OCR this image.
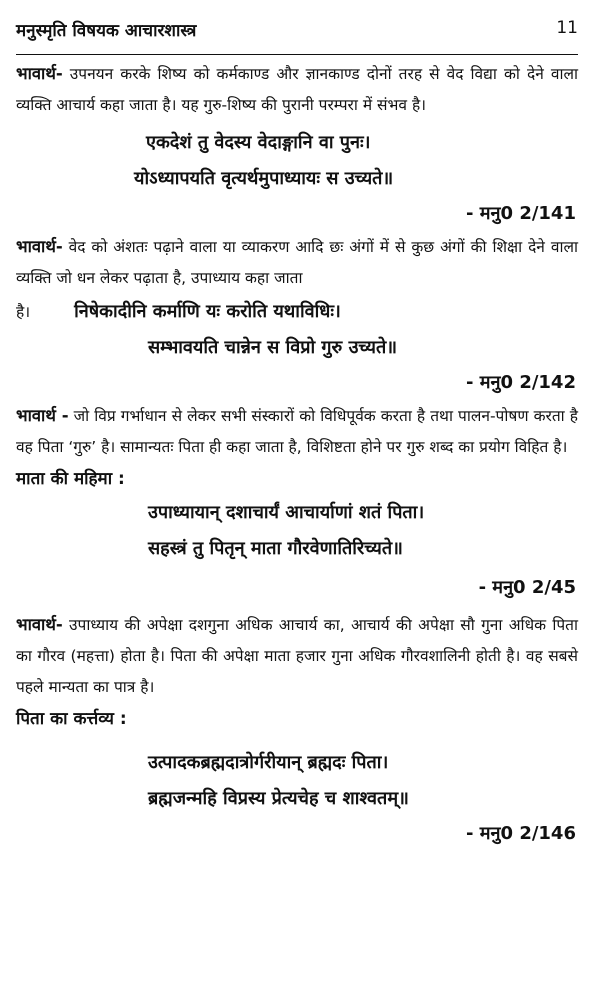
मनुस्मृति विषयक आचारशास्त्र	11

भावार्थ- उपनयन करके शिष्य को कर्मकाण्ड और ज्ञानकाण्ड दोनों तरह से वेद विद्या को देने वाला व्यक्ति आचार्य कहा जाता है। यह गुरु-शिष्य की पुरानी परम्परा में संभव है।

एकदेशं तु वेदस्य वेदाङ्गानि वा पुनः।

योऽध्यापयति वृत्यर्थमुपाध्यायः स उच्यते॥

- मनु0 2/141

भावार्थ- वेद को अंशतः पढ़ाने वाला या व्याकरण आदि छः अंगों में से कुछ अंगों की शिक्षा देने वाला व्यक्ति जो धन लेकर पढ़ाता है, उपाध्याय कहा जाता

है। निषेकादीनि कर्माणि यः करोति यथाविधिः।

सम्भावयति चान्नेन स विप्रो गुरु उच्यते॥

- मनु0 2/142

भावार्थ - जो विप्र गर्भाधान से लेकर सभी संस्कारों को विधिपूर्वक करता है तथा पालन-पोषण करता है वह पिता ‘गुरु’ है। सामान्यतः पिता ही कहा जाता है, विशिष्टता होने पर गुरु शब्द का प्रयोग विहित है।

माता की महिमा :

उपाध्यायान् दशाचार्यं आचार्याणां शतं पिता।

सहस्त्रं तु पितृन् माता गौरवेणातिरिच्यते॥

- मनु0 2/45

भावार्थ- उपाध्याय की अपेक्षा दशगुना अधिक आचार्य का, आचार्य की अपेक्षा सौ गुना अधिक पिता का गौरव (महत्ता) होता है। पिता की अपेक्षा माता हजार गुना अधिक गौरवशालिनी होती है। वह सबसे पहले मान्यता का पात्र है।

पिता का कर्त्तव्य :

उत्पादकब्रह्मदात्रोर्गरीयान् ब्रह्मदः पिता।

ब्रह्मजन्महि विप्रस्य प्रेत्यचेह च शाश्वतम्॥

- मनु0 2/146
